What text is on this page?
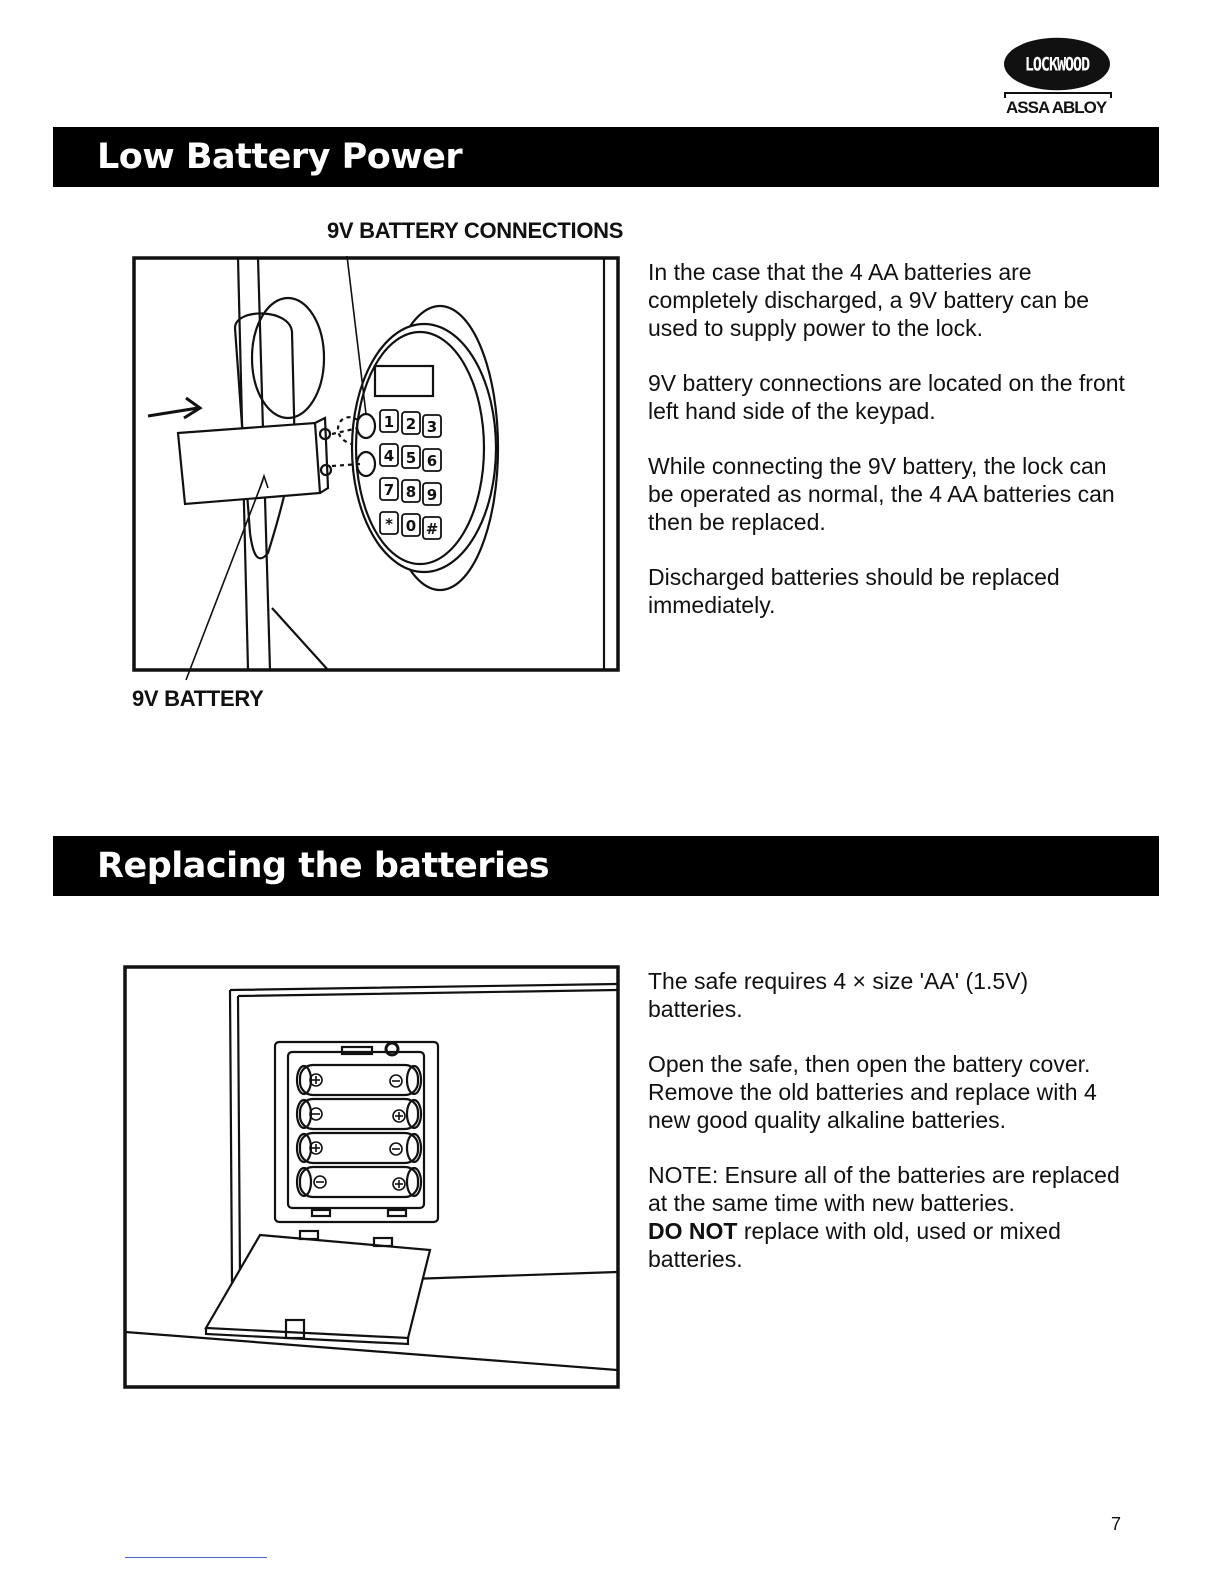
LOCKWOOD
ASSA ABLOY
Low Battery Power
9V BATTERY CONNECTIONS
1 2 3
4 5 6
7 8 9
* 0 #
9V BATTERY

In the case that the 4 AA batteries are completely discharged, a 9V battery can be used to supply power to the lock.

9V battery connections are located on the front left hand side of the keypad.

While connecting the 9V battery, the lock can be operated as normal, the 4 AA batteries can then be replaced.

Discharged batteries should be replaced immediately.

Replacing the batteries

The safe requires 4 × size 'AA' (1.5V) batteries.

Open the safe, then open the battery cover. Remove the old batteries and replace with 4 new good quality alkaline batteries.

NOTE: Ensure all of the batteries are replaced at the same time with new batteries.
DO NOT replace with old, used or mixed batteries.

7
